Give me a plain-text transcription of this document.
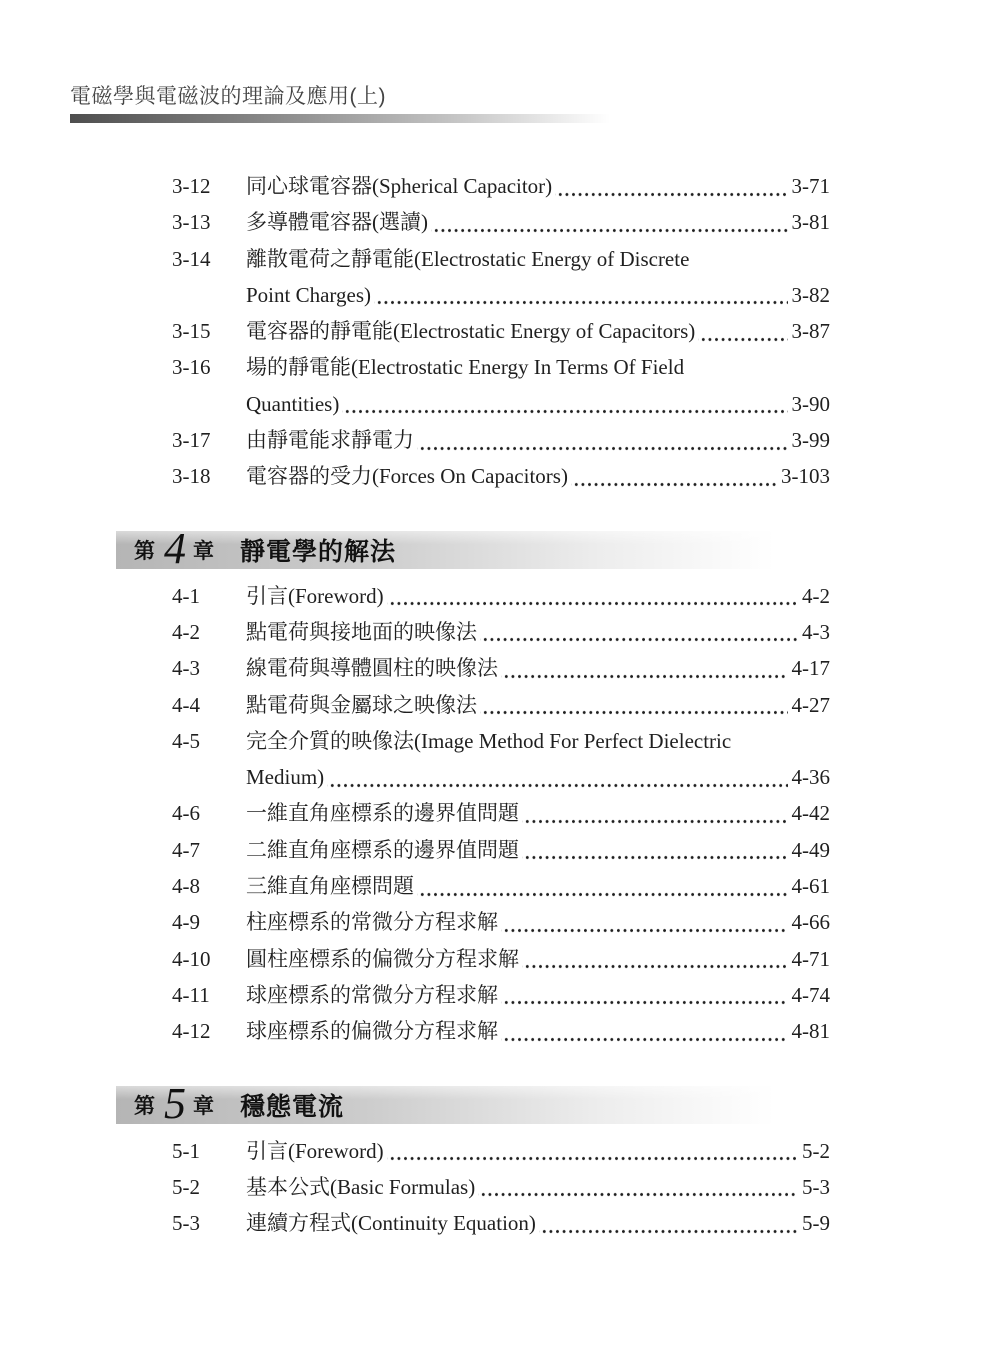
電磁學與電磁波的理論及應用(上)
3-12	同心球電容器(Spherical Capacitor)	3-71
3-13	多導體電容器(選讀)	3-81
3-14	離散電荷之靜電能(Electrostatic Energy of Discrete
Point Charges)	3-82
3-15	電容器的靜電能(Electrostatic Energy of Capacitors)	3-87
3-16	場的靜電能(Electrostatic Energy In Terms Of Field
Quantities)	3-90
3-17	由靜電能求靜電力	3-99
3-18	電容器的受力(Forces On Capacitors)	3-103
第 4 章 靜電學的解法
4-1	引言(Foreword)	4-2
4-2	點電荷與接地面的映像法	4-3
4-3	線電荷與導體圓柱的映像法	4-17
4-4	點電荷與金屬球之映像法	4-27
4-5	完全介質的映像法(Image Method For Perfect Dielectric
Medium)	4-36
4-6	一維直角座標系的邊界值問題	4-42
4-7	二維直角座標系的邊界值問題	4-49
4-8	三維直角座標問題	4-61
4-9	柱座標系的常微分方程求解	4-66
4-10	圓柱座標系的偏微分方程求解	4-71
4-11	球座標系的常微分方程求解	4-74
4-12	球座標系的偏微分方程求解	4-81
第 5 章 穩態電流
5-1	引言(Foreword)	5-2
5-2	基本公式(Basic Formulas)	5-3
5-3	連續方程式(Continuity Equation)	5-9
